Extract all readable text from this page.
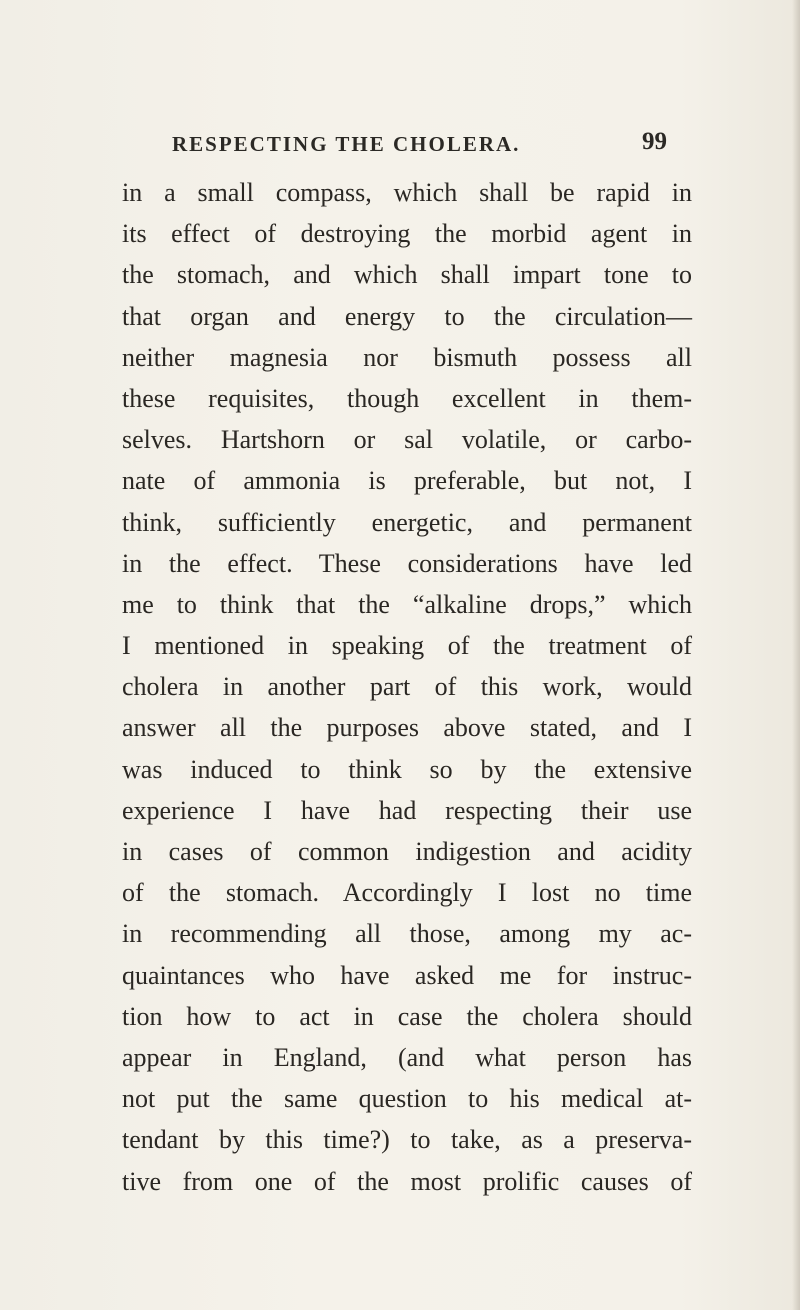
RESPECTING THE CHOLERA.	99
in a small compass, which shall be rapid in
its effect of destroying the morbid agent in
the stomach, and which shall impart tone to
that organ and energy to the circulation—
neither magnesia nor bismuth possess all
these requisites, though excellent in them-
selves. Hartshorn or sal volatile, or carbo-
nate of ammonia is preferable, but not, I
think, sufficiently energetic, and permanent
in the effect. These considerations have led
me to think that the “alkaline drops,” which
I mentioned in speaking of the treatment of
cholera in another part of this work, would
answer all the purposes above stated, and I
was induced to think so by the extensive
experience I have had respecting their use
in cases of common indigestion and acidity
of the stomach. Accordingly I lost no time
in recommending all those, among my ac-
quaintances who have asked me for instruc-
tion how to act in case the cholera should
appear in England, (and what person has
not put the same question to his medical at-
tendant by this time?) to take, as a preserva-
tive from one of the most prolific causes of
